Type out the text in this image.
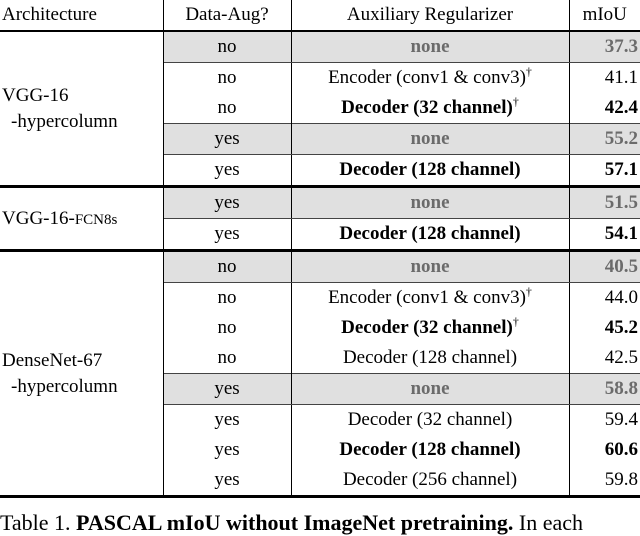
Architecture	Data-Aug?	Auxiliary Regularizer	mIoU

VGG-16
-hypercolumn	no	none	37.3
	no	Encoder (conv1 & conv3)†	41.1
	no	Decoder (32 channel)†	42.4
	yes	none	55.2
	yes	Decoder (128 channel)	57.1
VGG-16-FCN8s	yes	none	51.5
	yes	Decoder (128 channel)	54.1

DenseNet-67
-hypercolumn	no	none	40.5
	no	Encoder (conv1 & conv3)†	44.0
	no	Decoder (32 channel)†	45.2
	no	Decoder (128 channel)	42.5
	yes	none	58.8
	yes	Decoder (32 channel)	59.4
	yes	Decoder (128 channel)	60.6
	yes	Decoder (256 channel)	59.8
Table 1. PASCAL mIoU without ImageNet pretraining. In each
